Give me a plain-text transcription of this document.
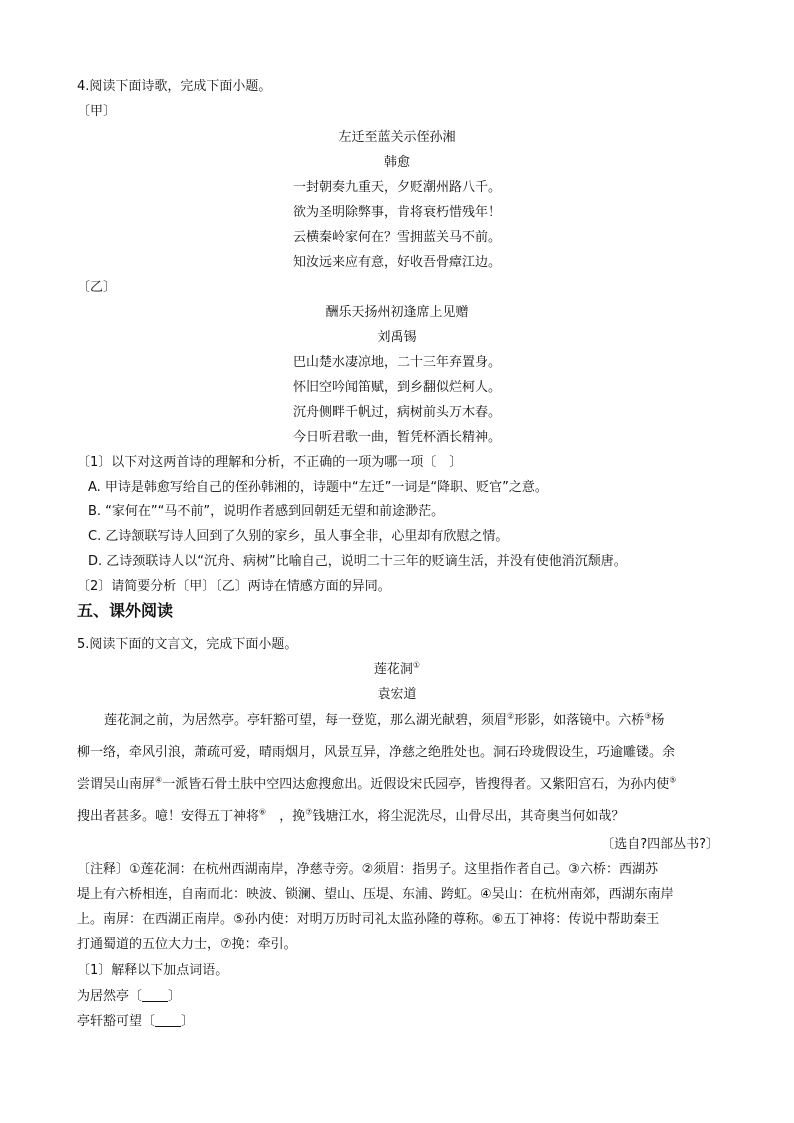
4.阅读下面诗歌，完成下面小题。
〔甲〕
左迁至蓝关示侄孙湘
韩愈
一封朝奏九重天，夕贬潮州路八千。
欲为圣明除弊事，肯将衰朽惜残年！
云横秦岭家何在？雪拥蓝关马不前。
知汝远来应有意，好收吾骨瘴江边。
〔乙〕
酬乐天扬州初逢席上见赠
刘禹锡
巴山楚水凄凉地，二十三年弃置身。
怀旧空吟闻笛赋，到乡翻似烂柯人。
沉舟侧畔千帆过，病树前头万木春。
今日听君歌一曲，暂凭杯酒长精神。
〔1〕以下对这两首诗的理解和分析，不正确的一项为哪一项〔　〕
A. 甲诗是韩愈写给自己的侄孙韩湘的，诗题中“左迁”一词是“降职、贬官”之意。
B. “家何在”“马不前”，说明作者感到回朝廷无望和前途渺茫。
C. 乙诗颔联写诗人回到了久别的家乡，虽人事全非，心里却有欣慰之情。
D. 乙诗颈联诗人以“沉舟、病树”比喻自己，说明二十三年的贬谪生活，并没有使他消沉颓唐。
〔2〕请简要分析〔甲〕〔乙〕两诗在情感方面的异同。
五、课外阅读
5.阅读下面的文言文，完成下面小题。
莲花洞①
袁宏道
莲花洞之前，为居然亭。亭轩豁可望，每一登览，那么湖光献碧，须眉②形影，如落镜中。六桥③杨
柳一络，牵风引浪，萧疏可爱，晴雨烟月，风景互异，净慈之绝胜处也。洞石玲珑假设生，巧逾雕镂。余
尝谓吴山南屏④一派皆石骨土肤中空四达愈搜愈出。近假设宋氏园亭，皆搜得者。又紫阳宫石，为孙内使⑤
搜出者甚多。噫！安得五丁神将⑥　，挽⑦钱塘江水，将尘泥洗尽，山骨尽出，其奇奥当何如哉？
〔选自?四部丛书?〕
〔注释〕①莲花洞：在杭州西湖南岸，净慈寺旁。②须眉：指男子。这里指作者自己。③六桥：西湖苏
堤上有六桥相连，自南而北：映波、锁澜、望山、压堤、东浦、跨虹。④吴山：在杭州南郊，西湖东南岸
上。南屏：在西湖正南岸。⑤孙内使：对明万历时司礼太监孙隆的尊称。⑥五丁神将：传说中帮助秦王
打通蜀道的五位大力士，⑦挽：牵引。
〔1〕解释以下加点词语。
为居然亭〔　　 〕
亭轩豁可望〔　　 〕
